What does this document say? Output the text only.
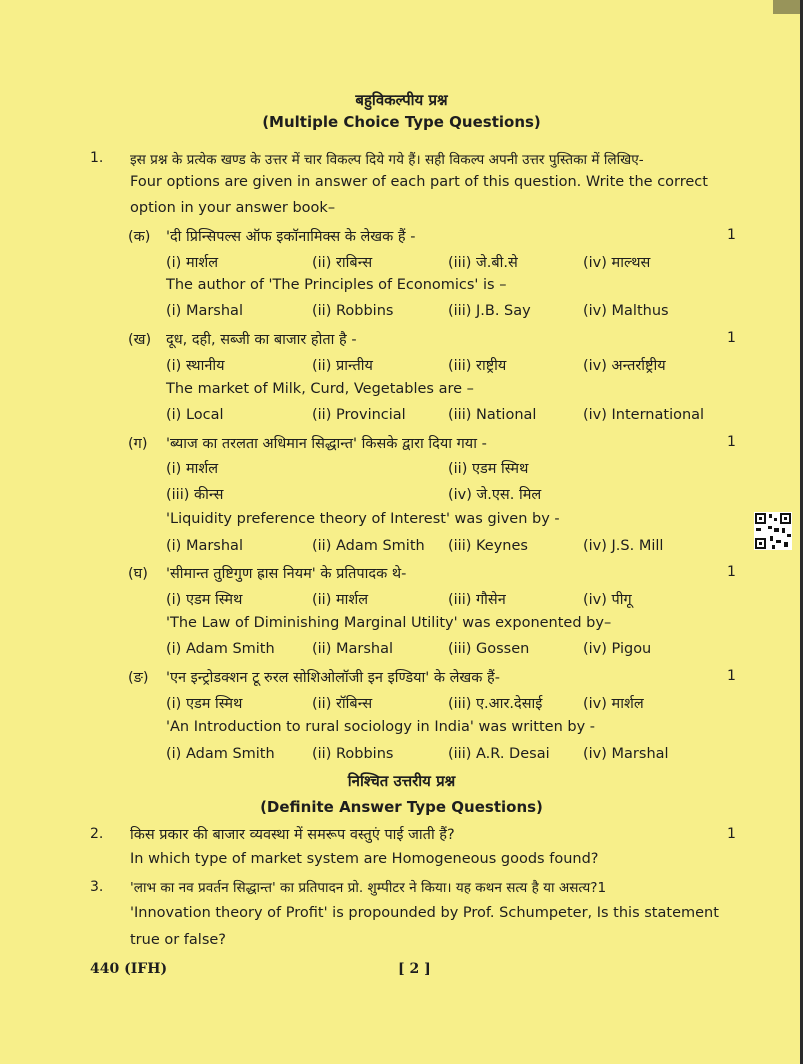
बहुविकल्पीय प्रश्न
(Multiple Choice Type Questions)
1. इस प्रश्न के प्रत्येक खण्ड के उत्तर में चार विकल्प दिये गये हैं। सही विकल्प अपनी उत्तर पुस्तिका में लिखिए-
Four options are given in answer of each part of this question. Write the correct
option in your answer book–
(क) 'दी प्रिन्सिपल्स ऑफ इकॉनामिक्स के लेखक हैं -	1
(i) मार्शल	(ii) राबिन्स	(iii) जे.बी.से	(iv) माल्थस
The author of 'The Principles of Economics' is –
(i) Marshal	(ii) Robbins	(iii) J.B. Say	(iv) Malthus
(ख) दूध, दही, सब्जी का बाजार होता है -	1
(i) स्थानीय	(ii) प्रान्तीय	(iii) राष्ट्रीय	(iv) अन्तर्राष्ट्रीय
The market of Milk, Curd, Vegetables are –
(i) Local	(ii) Provincial	(iii) National	(iv) International
(ग) 'ब्याज का तरलता अधिमान सिद्धान्त' किसके द्वारा दिया गया -	1
(i) मार्शल	(ii) एडम स्मिथ
(iii) कीन्स	(iv) जे.एस. मिल
'Liquidity preference theory of Interest' was given by -
(i) Marshal	(ii) Adam Smith (iii) Keynes	(iv) J.S. Mill
(घ) 'सीमान्त तुष्टिगुण ह्रास नियम' के प्रतिपादक थे-	1
(i) एडम स्मिथ	(ii) मार्शल	(iii) गौसेन	(iv) पीगू
'The Law of Diminishing Marginal Utility' was exponented by–
(i) Adam Smith	(ii) Marshal	(iii) Gossen	(iv) Pigou
(ङ) 'एन इन्ट्रोडक्शन टू रुरल सोशिओलॉजी इन इण्डिया' के लेखक हैं-	1
(i) एडम स्मिथ	(ii) रॉबिन्स	(iii) ए.आर.देसाई	(iv) मार्शल
'An Introduction to rural sociology in India' was written by -
(i) Adam Smith	(ii) Robbins	(iii) A.R. Desai (iv) Marshal
निश्चित उत्तरीय प्रश्न
(Definite Answer Type Questions)
2. किस प्रकार की बाजार व्यवस्था में समरूप वस्तुएं पाई जाती हैं?	1
In which type of market system are Homogeneous goods found?
3. 'लाभ का नव प्रवर्तन सिद्धान्त' का प्रतिपादन प्रो. शुम्पीटर ने किया। यह कथन सत्य है या असत्य?1
'Innovation theory of Profit' is propounded by Prof. Schumpeter, Is this statement
true or false?
440 (IFH)	[ 2 ]
